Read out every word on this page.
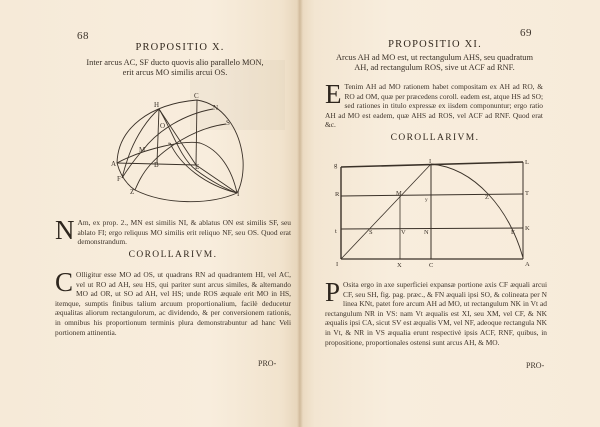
68
PROPOSITIO X.
Inter arcus AC, SF ducto quovis alio parallelo MON,
erit arcus MO similis arcui OS.
H
C
N
S
O
M
s
A	B	E
F
Z	I
N Am, ex prop. 2., MN est similis NI, & ablatus ON est similis SF, seu ablato FI; ergo reliquus MO similis erit reliquo NF, seu OS. Quod erat demonstrandum.
COROLLARIVM.
C Olligitur esse MO ad OS, ut quadrans RN ad quadrantem HI, vel AC, vel ut RO ad AH, seu HS, qui pariter sunt arcus similes, & alternando MO ad OR, ut SO ad AH, vel HS; unde ROS æquale erit MO in HS, itemque, sumptis finibus talium arcuum proportionalium, facilè deducetur æqualitas aliorum rectangulorum, ac dividendo, & per conversionem rationis, in omnibus his proportionum terminis plura demonstrabuntur ad hanc Veli portionem attinentia.
PRO-
69
PROPOSITIO XI.
Arcus AH ad MO est, ut rectangulum AHS, seu quadratum
AH, ad rectangulum ROS, sive ut ACF ad RNF.
E Tenim AH ad MO rationem habet compositam ex AH ad RO, & RO ad OM, quæ per præcedens coroll. eadem est, atque HS ad SO; sed rationes in titulo expressæ ex iisdem componuntur; ergo ratio AH ad MO est eadem, quæ AHS ad ROS, vel ACF ad RNF. Quod erat &c.
COROLLARIVM.
g
I	L
R	M
y	Z
T
t	S	V	N	E
K
I	X	C	A
P Osita ergo in axe superficiei expansæ portione axis CF æquali arcui CF, seu SH, fig. pag. præc., & FN æquali ipsi SO, & colineata per N linea KNt, patet fore arcum AH ad MO, ut rectangulum NK in Vt ad rectangulum NR in VS: nam Vt æqualis est XI, seu XM, vel CF, & NK æqualis ipsi CA, sicut SV est æqualis VM, vel NF, adeoque rectangula NK in Vt, & NR in VS æqualia erunt respectivè ipsis ACF, RNF, quibus, in propositione, proportionales ostensi sunt arcus AH, & MO.
PRO-
